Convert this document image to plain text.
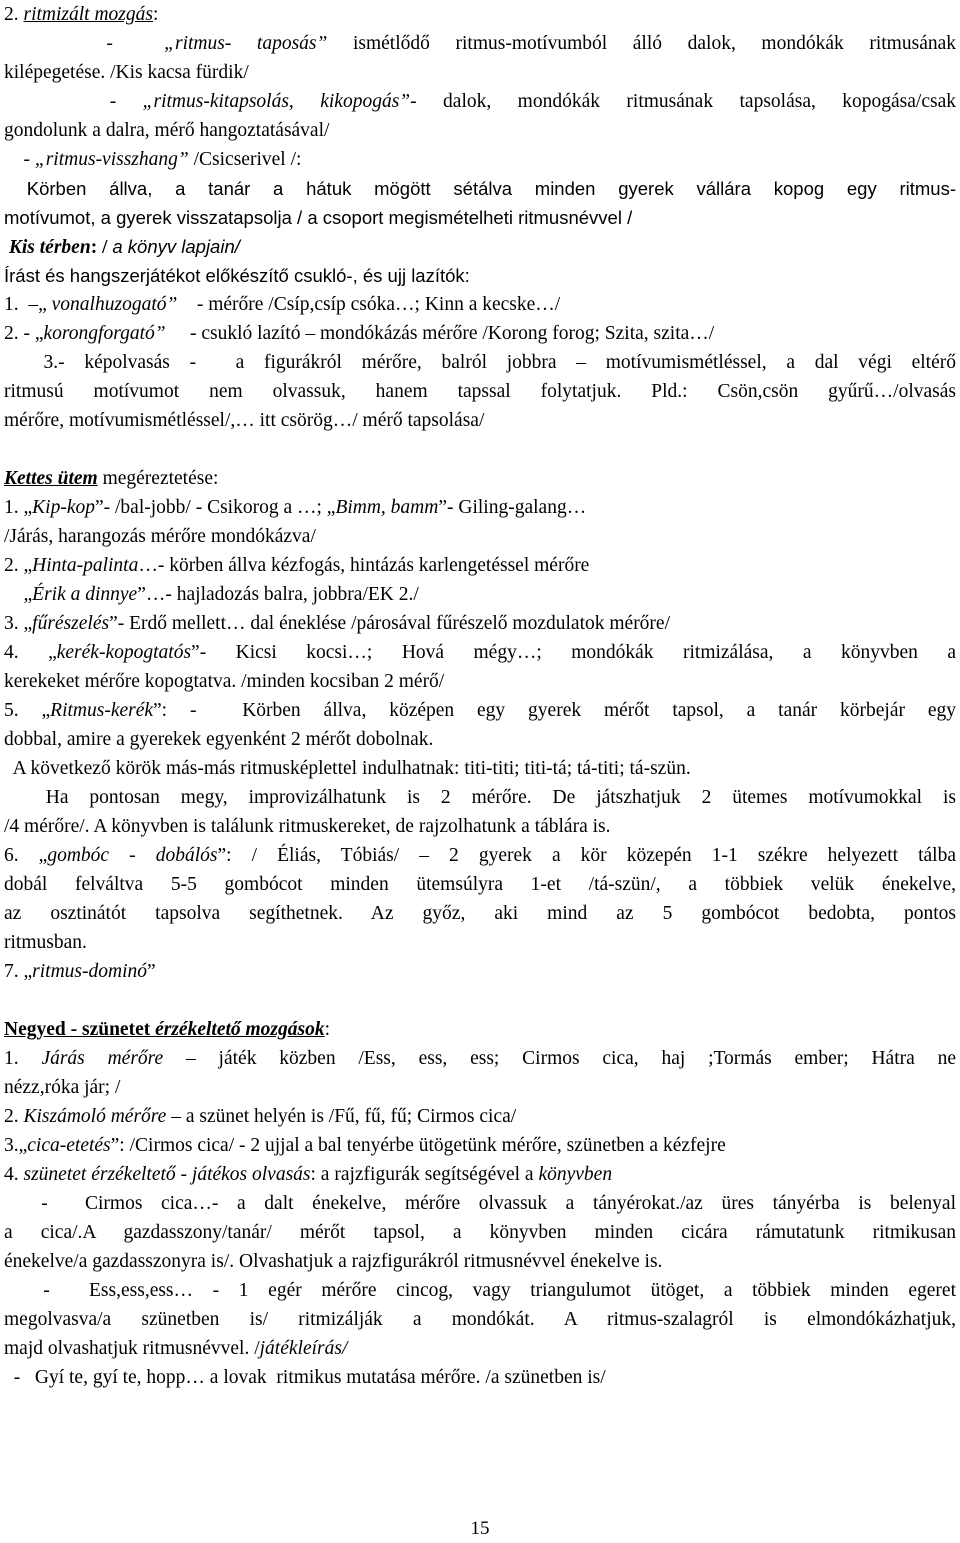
2. ritmizált mozgás:
-  „ritmus- taposás” ismétlődő ritmus-motívumból álló dalok, mondókák ritmusának
kilépegetése. /Kis kacsa fürdik/
- „ritmus-kitapsolás, kikopogás”- dalok, mondókák ritmusának tapsolása, kopogása/csak
gondolunk a dalra, mérő hangoztatásával/
- „ritmus-visszhang” /Csicserivel /:
Körben állva, a tanár a hátuk mögött sétálva minden gyerek vállára kopog egy ritmus-
motívumot, a gyerek visszatapsolja / a csoport megismételheti ritmusnévvel /
Kis térben: / a könyv lapjain/
Írást és hangszerjátékot előkészítő csukló-, és ujj lazítók:
1.  –„ vonalhuzogató”    - mérőre /Csíp,csíp csóka…; Kinn a kecske…/
2. - „korongforgató”     - csukló lazító – mondókázás mérőre /Korong forog; Szita, szita…/
3.- képolvasás -  a figurákról mérőre, balról jobbra – motívumismétléssel, a dal végi eltérő
ritmusú motívumot nem olvassuk, hanem tapssal folytatjuk. Pld.: Csön,csön gyűrű…/olvasás
mérőre, motívumismétléssel/,… itt csörög…/ mérő tapsolása/
Kettes ütem megéreztetése:
1. „Kip-kop”- /bal-jobb/ - Csikorog a …; „Bimm, bamm”- Giling-galang…
/Járás, harangozás mérőre mondókázva/
2. „Hinta-palinta…- körben állva kézfogás, hintázás karlengetéssel mérőre
„Érik a dinnye”…- hajladozás balra, jobbra/EK 2./
3. „fűrészelés”- Erdő mellett… dal éneklése /párosával fűrészelő mozdulatok mérőre/
4. „kerék-kopogtatós”- Kicsi kocsi…; Hová mégy…; mondókák ritmizálása, a könyvben a
kerekeket mérőre kopogtatva. /minden kocsiban 2 mérő/
5. „Ritmus-kerék”: -  Körben állva, középen egy gyerek mérőt tapsol, a tanár körbejár egy
dobbal, amire a gyerekek egyenként 2 mérőt dobolnak.
A következő körök más-más ritmusképlettel indulhatnak: titi-titi; titi-tá; tá-titi; tá-szün.
Ha pontosan megy, improvizálhatunk is 2 mérőre. De játszhatjuk 2 ütemes motívumokkal is
/4 mérőre/. A könyvben is találunk ritmuskereket, de rajzolhatunk a táblára is.
6. „gombóc - dobálós”: / Éliás, Tóbiás/ – 2 gyerek a kör közepén 1-1 székre helyezett tálba
dobál felváltva 5-5 gombócot minden ütemsúlyra 1-et /tá-szün/, a többiek velük énekelve,
az osztinátót tapsolva segíthetnek. Az győz, aki mind az 5 gombócot bedobta, pontos
ritmusban.
7. „ritmus-dominó”
Negyed - szünetet érzékeltető mozgások:
1. Járás mérőre – játék közben /Ess, ess, ess; Cirmos cica, haj ;Tormás ember; Hátra ne
nézz,róka jár; /
2. Kiszámoló mérőre – a szünet helyén is /Fű, fű, fű; Cirmos cica/
3.„cica-etetés”: /Cirmos cica/ - 2 ujjal a bal tenyérbe ütögetünk mérőre, szünetben a kézfejre
4. szünetet érzékeltető - játékos olvasás: a rajzfigurák segítségével a könyvben
-  Cirmos cica…- a dalt énekelve, mérőre olvassuk a tányérokat./az üres tányérba is belenyal
a cica/.A gazdasszony/tanár/ mérőt tapsol, a könyvben minden cicára rámutatunk ritmikusan
énekelve/a gazdasszonyra is/. Olvashatjuk a rajzfigurákról ritmusnévvel énekelve is.
-  Ess,ess,ess… - 1 egér mérőre cincog, vagy triangulumot ütöget, a többiek minden egeret
megolvasva/a szünetben is/ ritmizálják a mondókát. A ritmus-szalagról is elmondókázhatjuk,
majd olvashatjuk ritmusnévvel. /játékleírás/
-   Gyí te, gyí te, hopp… a lovak  ritmikus mutatása mérőre. /a szünetben is/
15
